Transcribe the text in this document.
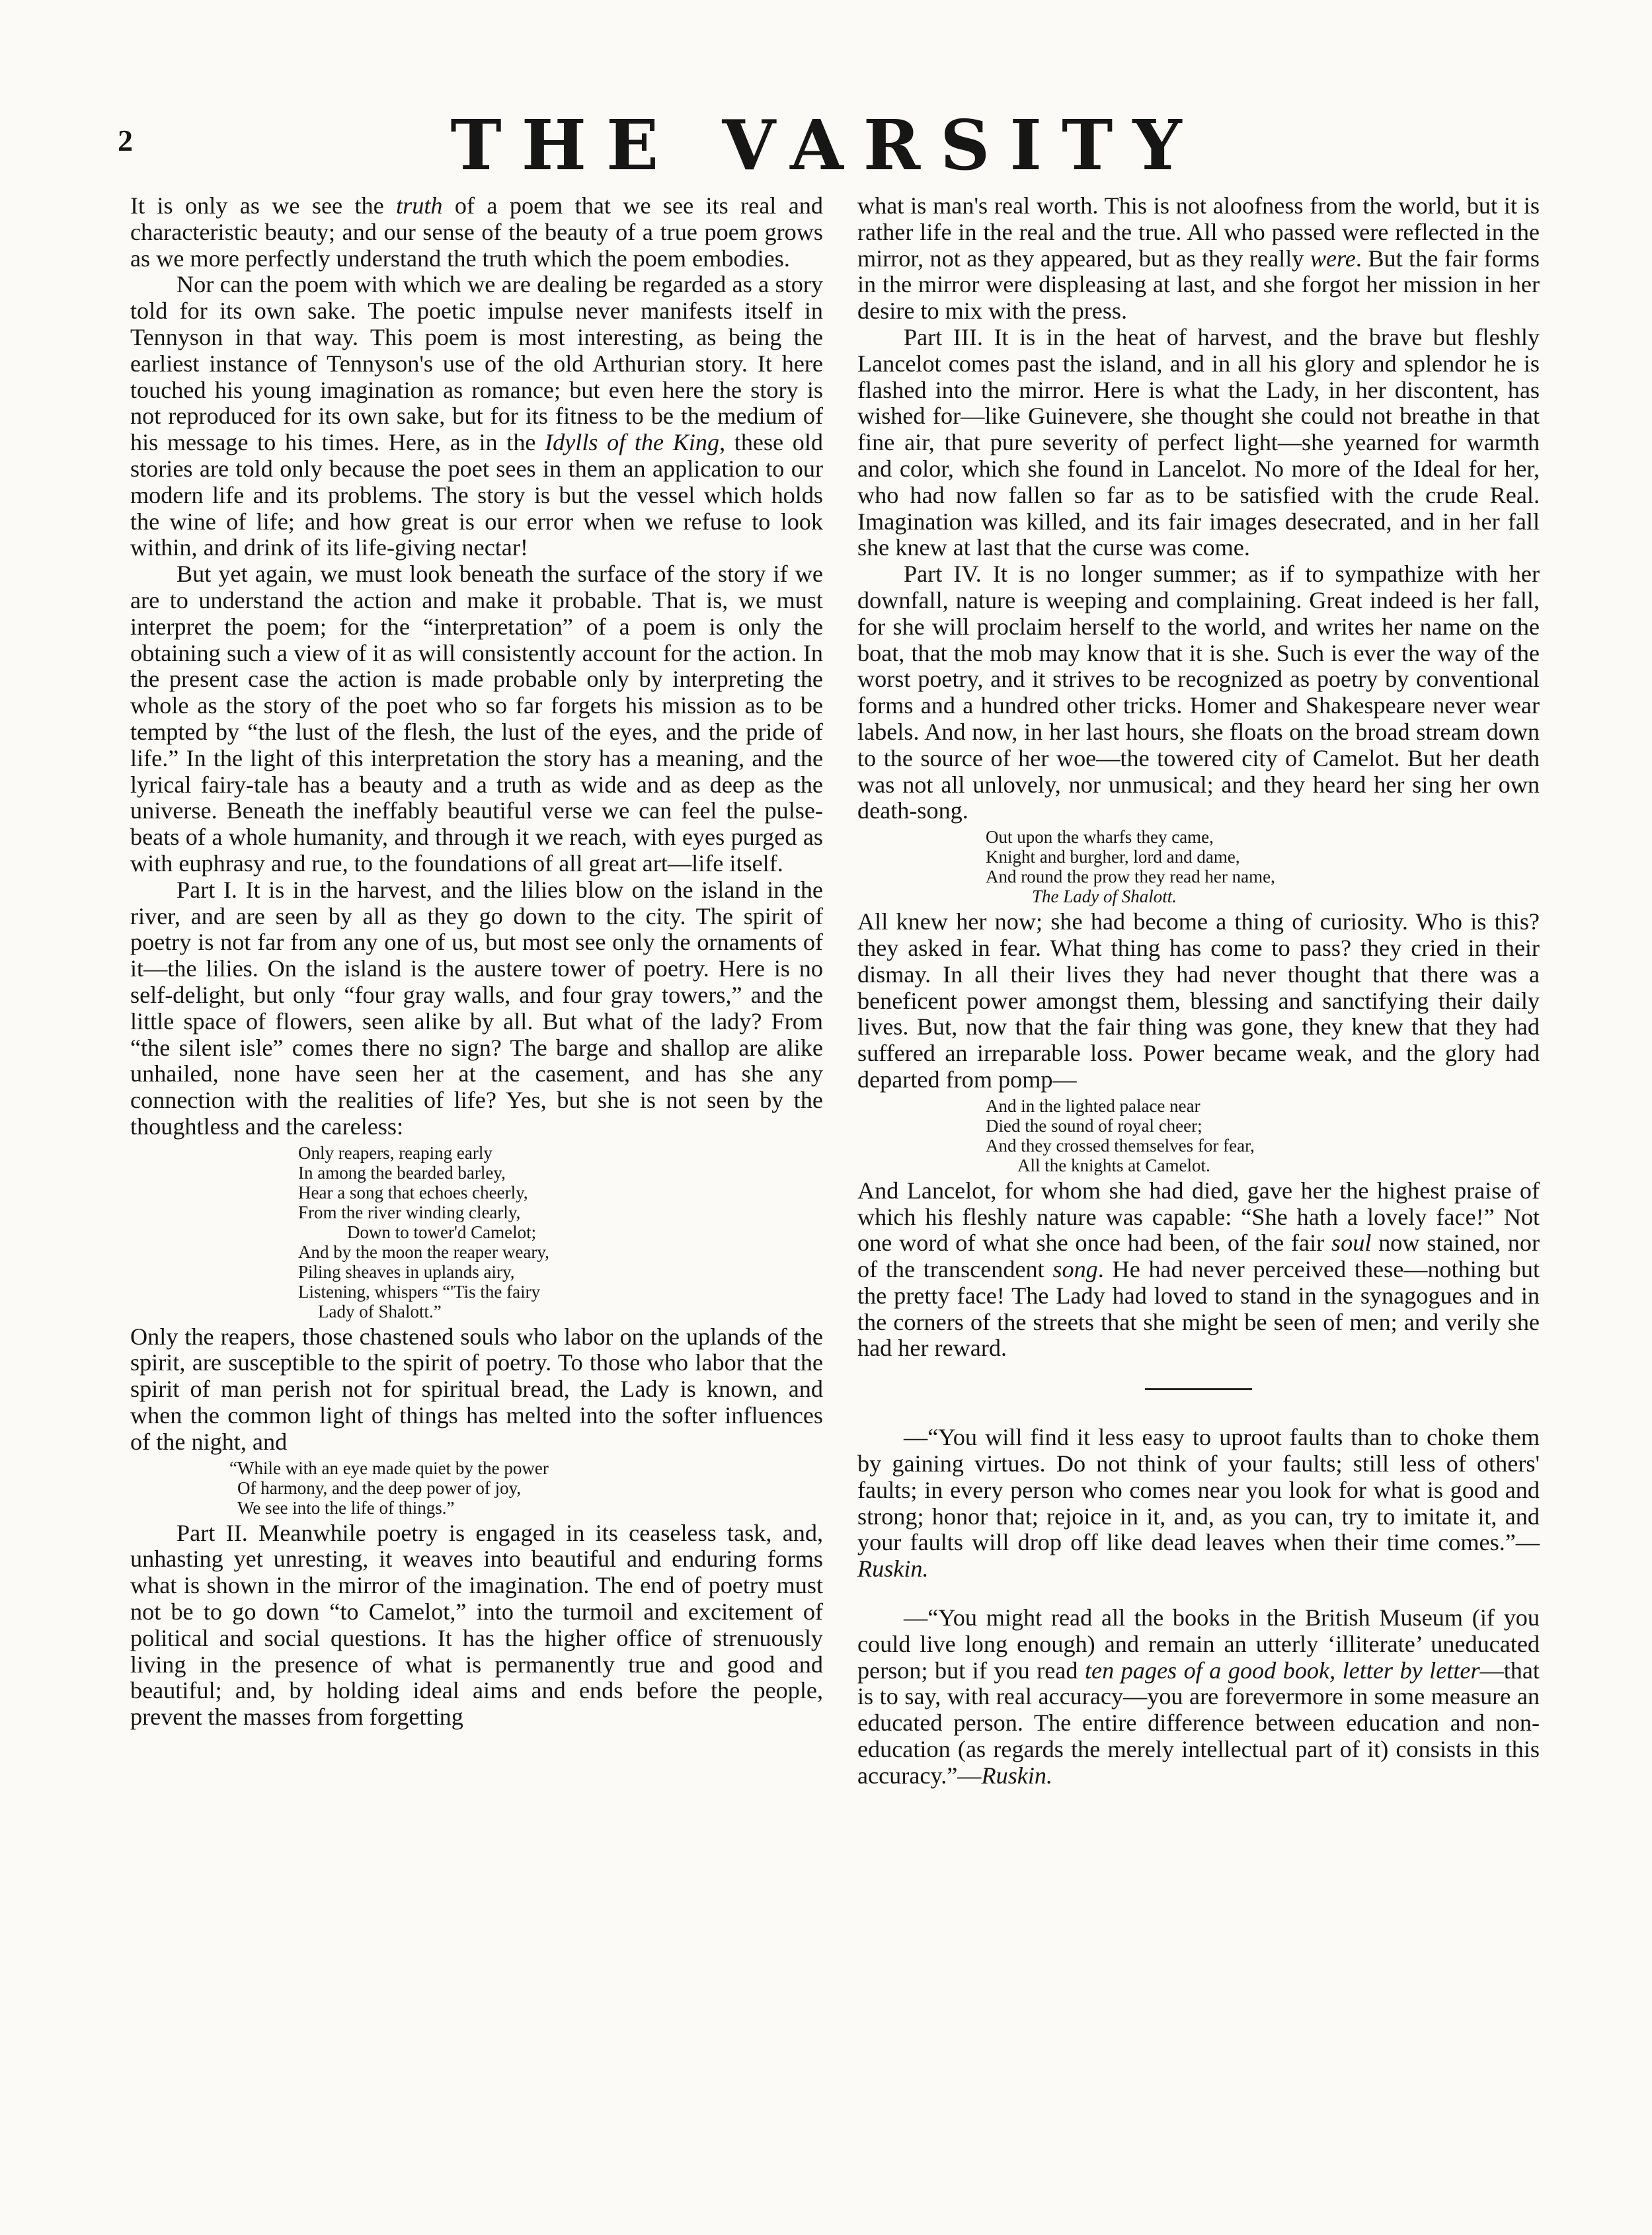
2	THE VARSITY

It is only as we see the truth of a poem that we see its real and characteristic beauty; and our sense of the beauty of a true poem grows as we more perfectly understand the truth which the poem embodies.

Nor can the poem with which we are dealing be regarded as a story told for its own sake. The poetic impulse never manifests itself in Tennyson in that way. This poem is most interesting, as being the earliest instance of Tennyson's use of the old Arthurian story. It here touched his young imagination as romance; but even here the story is not reproduced for its own sake, but for its fitness to be the medium of his message to his times. Here, as in the Idylls of the King, these old stories are told only because the poet sees in them an application to our modern life and its problems. The story is but the vessel which holds the wine of life; and how great is our error when we refuse to look within, and drink of its life-giving nectar!

But yet again, we must look beneath the surface of the story if we are to understand the action and make it probable. That is, we must interpret the poem; for the “interpretation” of a poem is only the obtaining such a view of it as will consistently account for the action. In the present case the action is made probable only by interpreting the whole as the story of the poet who so far forgets his mission as to be tempted by “the lust of the flesh, the lust of the eyes, and the pride of life.” In the light of this interpretation the story has a meaning, and the lyrical fairy-tale has a beauty and a truth as wide and as deep as the universe. Beneath the ineffably beautiful verse we can feel the pulse-beats of a whole humanity, and through it we reach, with eyes purged as with euphrasy and rue, to the foundations of all great art—life itself.

Part I. It is in the harvest, and the lilies blow on the island in the river, and are seen by all as they go down to the city. The spirit of poetry is not far from any one of us, but most see only the ornaments of it—the lilies. On the island is the austere tower of poetry. Here is no self-delight, but only “four gray walls, and four gray towers,” and the little space of flowers, seen alike by all. But what of the lady? From “the silent isle” comes there no sign? The barge and shallop are alike unhailed, none have seen her at the casement, and has she any connection with the realities of life? Yes, but she is not seen by the thoughtless and the careless:

Only reapers, reaping early
In among the bearded barley,
Hear a song that echoes cheerly,
From the river winding clearly,
Down to tower'd Camelot;
And by the moon the reaper weary,
Piling sheaves in uplands airy,
Listening, whispers “'Tis the fairy
Lady of Shalott.”

Only the reapers, those chastened souls who labor on the uplands of the spirit, are susceptible to the spirit of poetry. To those who labor that the spirit of man perish not for spiritual bread, the Lady is known, and when the common light of things has melted into the softer influences of the night, and

“While with an eye made quiet by the power
Of harmony, and the deep power of joy,
We see into the life of things.”

Part II. Meanwhile poetry is engaged in its ceaseless task, and, unhasting yet unresting, it weaves into beautiful and enduring forms what is shown in the mirror of the imagination. The end of poetry must not be to go down “to Camelot,” into the turmoil and excitement of political and social questions. It has the higher office of strenuously living in the presence of what is permanently true and good and beautiful; and, by holding ideal aims and ends before the people, prevent the masses from forgetting

what is man's real worth. This is not aloofness from the world, but it is rather life in the real and the true. All who passed were reflected in the mirror, not as they appeared, but as they really were. But the fair forms in the mirror were displeasing at last, and she forgot her mission in her desire to mix with the press.

Part III. It is in the heat of harvest, and the brave but fleshly Lancelot comes past the island, and in all his glory and splendor he is flashed into the mirror. Here is what the Lady, in her discontent, has wished for—like Guinevere, she thought she could not breathe in that fine air, that pure severity of perfect light—she yearned for warmth and color, which she found in Lancelot. No more of the Ideal for her, who had now fallen so far as to be satisfied with the crude Real. Imagination was killed, and its fair images desecrated, and in her fall she knew at last that the curse was come.

Part IV. It is no longer summer; as if to sympathize with her downfall, nature is weeping and complaining. Great indeed is her fall, for she will proclaim herself to the world, and writes her name on the boat, that the mob may know that it is she. Such is ever the way of the worst poetry, and it strives to be recognized as poetry by conventional forms and a hundred other tricks. Homer and Shakespeare never wear labels. And now, in her last hours, she floats on the broad stream down to the source of her woe—the towered city of Camelot. But her death was not all unlovely, nor unmusical; and they heard her sing her own death-song.

Out upon the wharfs they came,
Knight and burgher, lord and dame,
And round the prow they read her name,
The Lady of Shalott.

All knew her now; she had become a thing of curiosity. Who is this? they asked in fear. What thing has come to pass? they cried in their dismay. In all their lives they had never thought that there was a beneficent power amongst them, blessing and sanctifying their daily lives. But, now that the fair thing was gone, they knew that they had suffered an irreparable loss. Power became weak, and the glory had departed from pomp—

And in the lighted palace near
Died the sound of royal cheer;
And they crossed themselves for fear,
All the knights at Camelot.

And Lancelot, for whom she had died, gave her the highest praise of which his fleshly nature was capable: “She hath a lovely face!” Not one word of what she once had been, of the fair soul now stained, nor of the transcendent song. He had never perceived these—nothing but the pretty face! The Lady had loved to stand in the synagogues and in the corners of the streets that she might be seen of men; and verily she had her reward.

—“You will find it less easy to uproot faults than to choke them by gaining virtues. Do not think of your faults; still less of others' faults; in every person who comes near you look for what is good and strong; honor that; rejoice in it, and, as you can, try to imitate it, and your faults will drop off like dead leaves when their time comes.”—Ruskin.

—“You might read all the books in the British Museum (if you could live long enough) and remain an utterly ‘illiterate’ uneducated person; but if you read ten pages of a good book, letter by letter—that is to say, with real accuracy—you are forevermore in some measure an educated person. The entire difference between education and non-education (as regards the merely intellectual part of it) consists in this accuracy.”—Ruskin.
